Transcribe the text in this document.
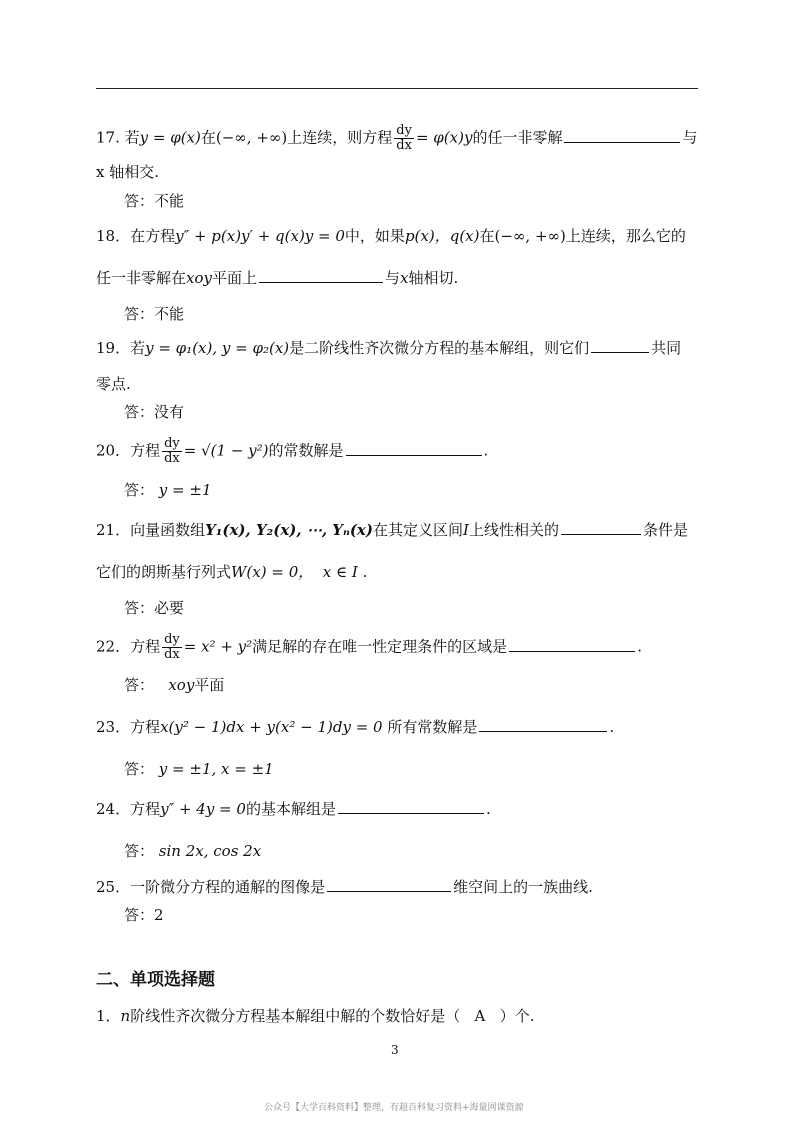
17. 若y = φ(x)在(−∞, +∞)上连续，则方程 $\frac{dy}{dx} = \varphi(x)y$的任一非零解	与
x 轴相交.
答：不能
18．在方程y″ + p(x)y′ + q(x)y = 0中，如果p(x)，q(x)在(−∞, +∞)上连续，那么它的
任一非零解在xoy平面上	与x轴相切.
答：不能
19．若y = φ₁(x), y = φ₂(x)是二阶线性齐次微分方程的基本解组，则它们	共同
零点.
答：没有
20．方程 $\frac{dy}{dx} = √(1 - y^2)$的常数解是	.
答： y = ±1
21．向量函数组Y₁(x), Y₂(x), ⋯, Yₙ(x)在其定义区间I上线性相关的	条件是
它们的朗斯基行列式W(x) = 0， x ∈ I .
答：必要
22．方程 $\frac{dy}{dx} = x^2 + y^2$满足解的存在唯一性定理条件的区域是	.
答： xoy平面
23．方程x(y² − 1)dx + y(x² − 1)dy = 0 所有常数解是	.
答： y = ±1, x = ±1
24．方程y″ + 4y = 0的基本解组是	.
答： sin 2x, cos 2x
25．一阶微分方程的通解的图像是	维空间上的一族曲线.
答：2
二、单项选择题
1．n阶线性齐次微分方程基本解组中解的个数恰好是（ A ）个.
3
公众号【大学百科资料】整理，有超百科复习资料+海量网课资源
